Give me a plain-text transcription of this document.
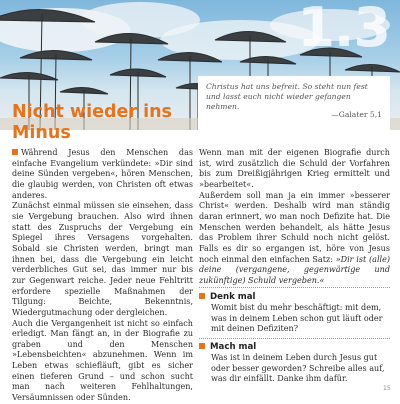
1.3
Christus hat uns befreit. So steht nun fest und lasst euch nicht wieder gefangen nehmen.
—Galater 5,1
Nicht wieder ins Minus

Während Jesus den Menschen das einfache Evangelium verkündete: »Dir sind deine Sünden vergeben«, hören Menschen, die glaubig werden, von Christen oft etwas anderes.

Zunächst einmal müssen sie einsehen, dass sie Vergebung brauchen. Also wird ihnen statt des Zuspruchs der Vergebung ein Spiegel ihres Versagens vorgehalten. Sobald sie Christen werden, bringt man ihnen bei, dass die Vergebung ein leicht verderbliches Gut sei, das immer nur bis zur Gegenwart reiche. Jeder neue Fehltritt erfordere spezielle Maßnahmen der Tilgung: Beichte, Bekenntnis, Wiedergutmachung oder dergleichen.

Auch die Vergangenheit ist nicht so einfach erledigt. Man fängt an, in der Biografie zu graben und den Menschen »Lebensbeichten« abzunehmen. Wenn im Leben etwas schiefläuft, gibt es sicher einen tieferen Grund – und schon sucht man nach weiteren Fehlhaltungen, Versäumnissen oder Sünden.

Wenn man mit der eigenen Biografie durch ist, wird zusätzlich die Schuld der Vorfahren bis zum Dreißigjährigen Krieg ermittelt und »bearbeitet«.

Außerdem soll man ja ein immer »besserer Christ« werden. Deshalb wird man ständig daran erinnert, wo man noch Defizite hat. Die Menschen werden behandelt, als hätte Jesus das Problem ihrer Schuld noch nicht gelöst. Falls es dir so ergangen ist, höre von Jesus noch einmal den einfachen Satz: »Dir ist (alle) deine (vergangene, gegenwärtige und zukünftige) Schuld vergeben.«

Denk mal
Womit bist du mehr beschäftigt: mit dem, was in deinem Leben schon gut läuft oder mit deinen Defiziten?
Mach mal
Was ist in deinem Leben durch Jesus gut oder besser geworden? Schreibe alles auf, was dir einfällt. Danke ihm dafür.
15
